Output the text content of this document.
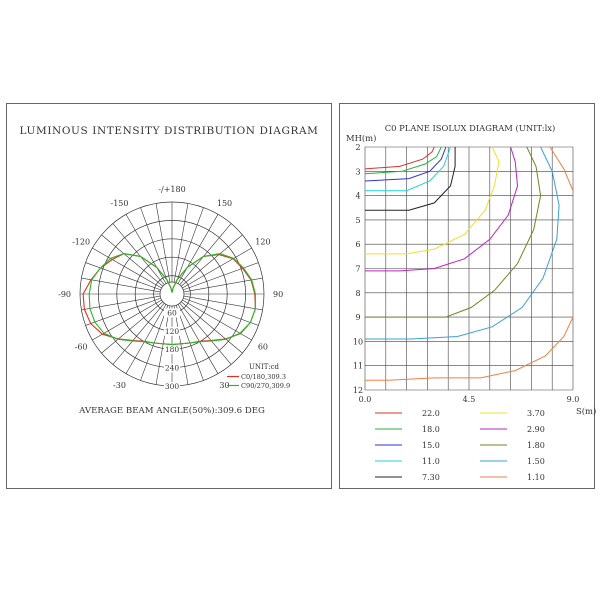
LUMINOUS INTENSITY DISTRIBUTION DIAGRAM
AVERAGE BEAM ANGLE(50%):309.6 DEG
-/+180
-150	150
-120	120
-90	90
-60	60
-30	30
60
120
180
240
300
UNIT:cd
C0/180,309.3
C90/270,309.9
C0 PLANE ISOLUX DIAGRAM (UNIT:lx)
MH(m)
S(m)
2
3
4
5
6
7
8
9
10
11
12
0.0	4.5	9.0
22.0
18.0
15.0
11.0
7.30
3.70
2.90
1.80
1.50
1.10
